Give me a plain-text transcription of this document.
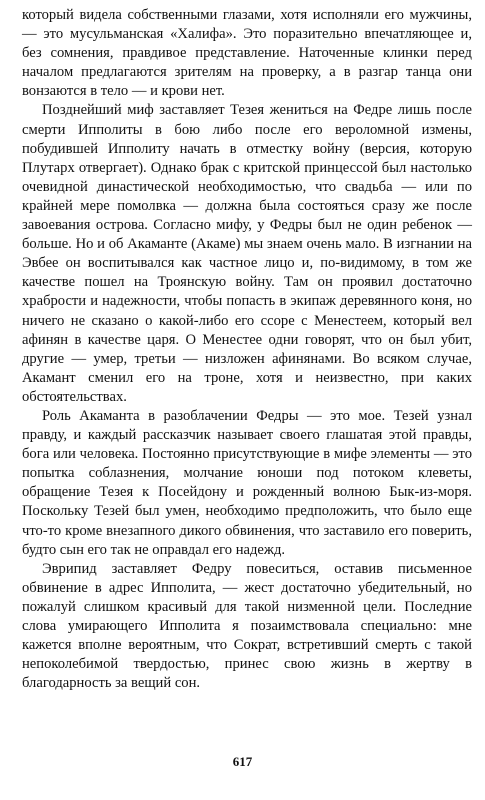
который видела собственными глазами, хотя исполняли его мужчины, — это мусульманская «Халифа». Это поразительно впечатляющее и, без сомнения, правдивое представление. Наточенные клинки перед началом предлагаются зрителям на проверку, а в разгар танца они вонзаются в тело — и крови нет.

Позднейший миф заставляет Тезея жениться на Федре лишь после смерти Ипполиты в бою либо после его вероломной измены, побудившей Ипполиту начать в отместку войну (версия, которую Плутарх отвергает). Однако брак с критской принцессой был настолько очевидной династической необходимостью, что свадьба — или по крайней мере помолвка — должна была состояться сразу же после завоевания острова. Согласно мифу, у Федры был не один ребенок — больше. Но и об Акаманте (Акаме) мы знаем очень мало. В изгнании на Эвбее он воспитывался как частное лицо и, по-видимому, в том же качестве пошел на Троянскую войну. Там он проявил достаточно храбрости и надежности, чтобы попасть в экипаж деревянного коня, но ничего не сказано о какой-либо его ссоре с Менестеем, который вел афинян в качестве царя. О Менестее одни говорят, что он был убит, другие — умер, третьи — низложен афинянами. Во всяком случае, Акамант сменил его на троне, хотя и неизвестно, при каких обстоятельствах.

Роль Акаманта в разоблачении Федры — это мое. Тезей узнал правду, и каждый рассказчик называет своего глашатая этой правды, бога или человека. Постоянно присутствующие в мифе элементы — это попытка соблазнения, молчание юноши под потоком клеветы, обращение Тезея к Посейдону и рожденный волною Бык-из-моря. Поскольку Тезей был умен, необходимо предположить, что было еще что-то кроме внезапного дикого обвинения, что заставило его поверить, будто сын его так не оправдал его надежд.

Эврипид заставляет Федру повеситься, оставив письменное обвинение в адрес Ипполита, — жест достаточно убедительный, но пожалуй слишком красивый для такой низменной цели. Последние слова умирающего Ипполита я позаимствовала специально: мне кажется вполне вероятным, что Сократ, встретивший смерть с такой непоколебимой твердостью, принес свою жизнь в жертву в благодарность за вещий сон.

617
